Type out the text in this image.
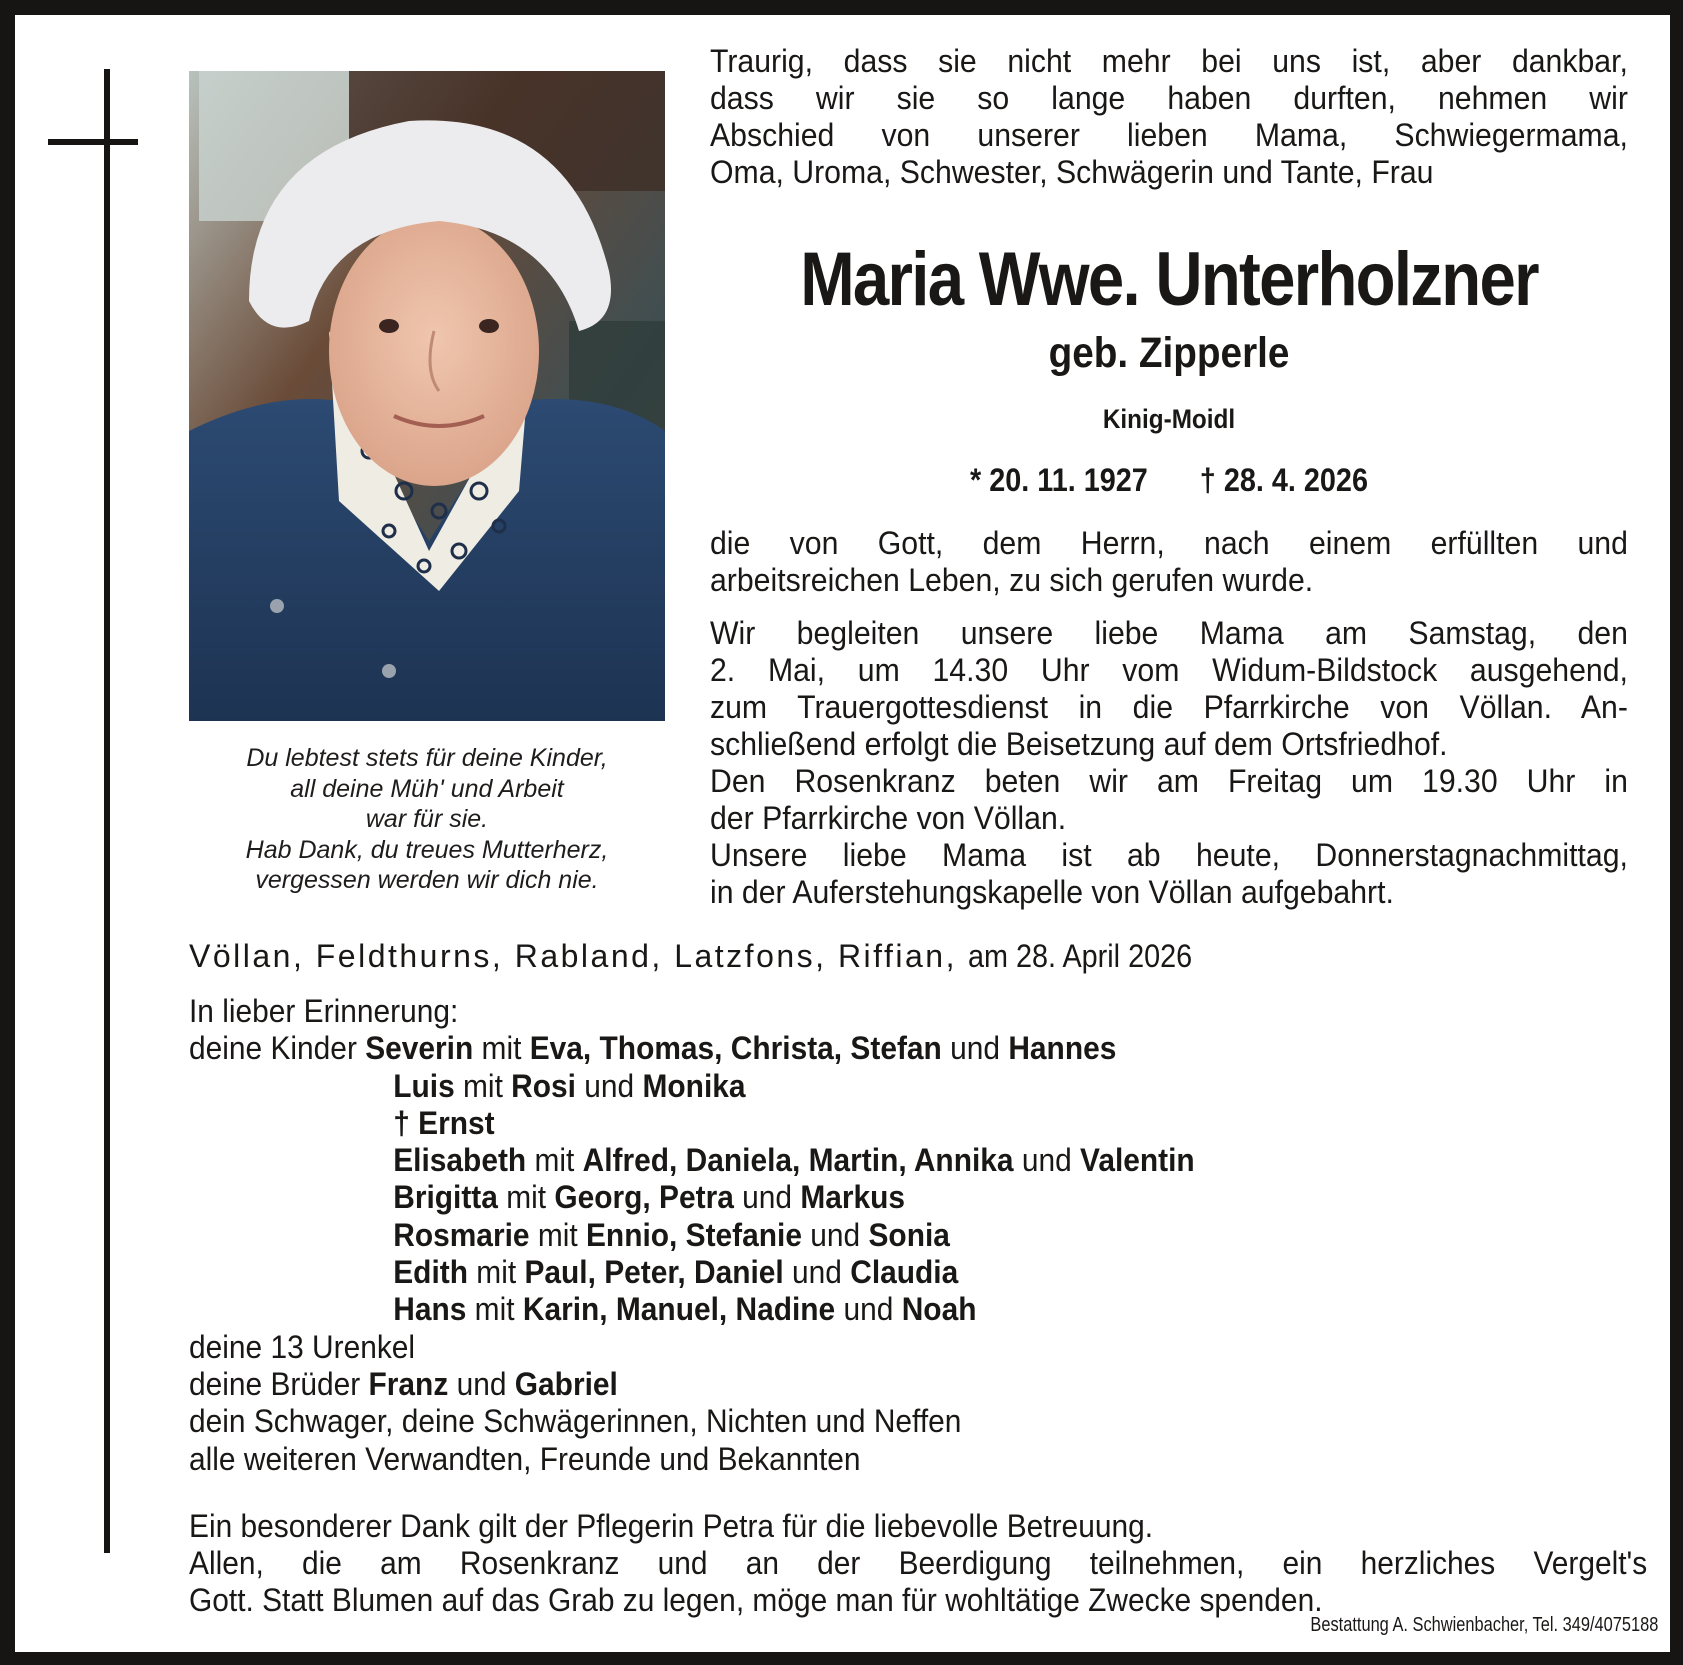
Du lebtest stets für deine Kinder,
all deine Müh' und Arbeit
war für sie.
Hab Dank, du treues Mutterherz,
vergessen werden wir dich nie.
Traurig, dass sie nicht mehr bei uns ist, aber dankbar,
dass wir sie so lange haben durften, nehmen wir
Abschied von unserer lieben Mama, Schwiegermama,
Oma, Uroma, Schwester, Schwägerin und Tante, Frau
Maria Wwe. Unterholzner
geb. Zipperle
Kinig-Moidl
* 20. 11. 1927 † 28. 4. 2026
die von Gott, dem Herrn, nach einem erfüllten und
arbeitsreichen Leben, zu sich gerufen wurde.
Wir begleiten unsere liebe Mama am Samstag, den
2. Mai, um 14.30 Uhr vom Widum-Bildstock ausgehend,
zum Trauergottesdienst in die Pfarrkirche von Völlan. An-
schließend erfolgt die Beisetzung auf dem Ortsfriedhof.
Den Rosenkranz beten wir am Freitag um 19.30 Uhr in
der Pfarrkirche von Völlan.
Unsere liebe Mama ist ab heute, Donnerstagnachmittag,
in der Auferstehungskapelle von Völlan aufgebahrt.
Völlan, Feldthurns, Rabland, Latzfons, Riffian, am 28. April 2026
In lieber Erinnerung:
deine Kinder Severin mit Eva, Thomas, Christa, Stefan und Hannes
Luis mit Rosi und Monika
† Ernst
Elisabeth mit Alfred, Daniela, Martin, Annika und Valentin
Brigitta mit Georg, Petra und Markus
Rosmarie mit Ennio, Stefanie und Sonia
Edith mit Paul, Peter, Daniel und Claudia
Hans mit Karin, Manuel, Nadine und Noah
deine 13 Urenkel
deine Brüder Franz und Gabriel
dein Schwager, deine Schwägerinnen, Nichten und Neffen
alle weiteren Verwandten, Freunde und Bekannten
Ein besonderer Dank gilt der Pflegerin Petra für die liebevolle Betreuung.
Allen, die am Rosenkranz und an der Beerdigung teilnehmen, ein herzliches Vergelt's
Gott. Statt Blumen auf das Grab zu legen, möge man für wohltätige Zwecke spenden.
Bestattung A. Schwienbacher, Tel. 349/4075188
